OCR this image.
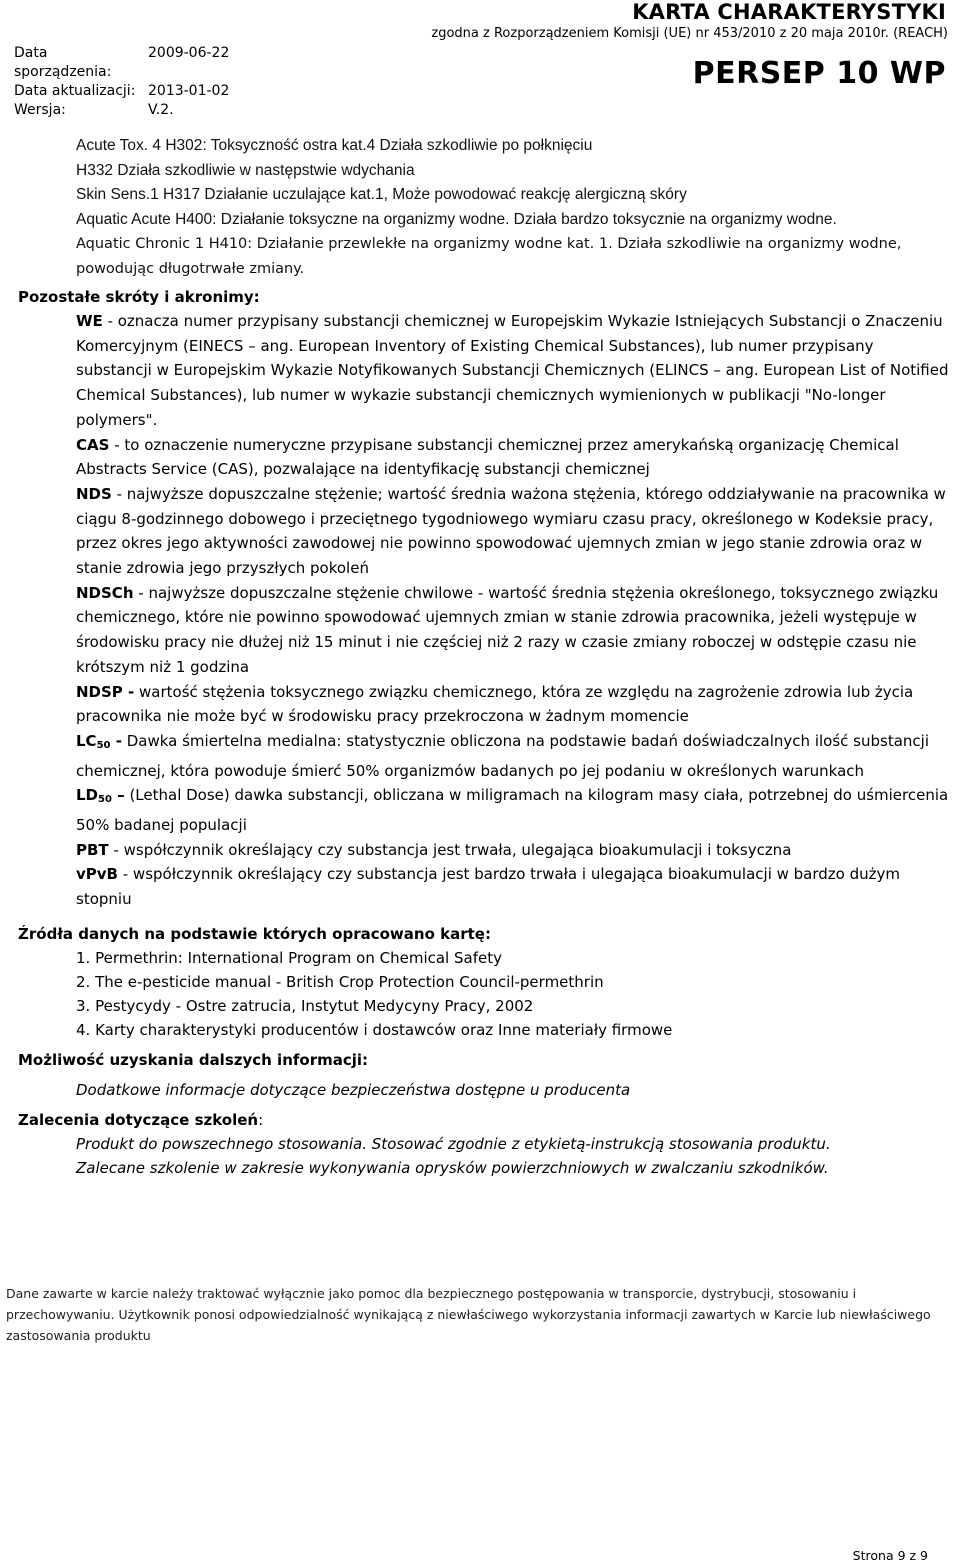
Data sporządzenia:
2009-06-22
Data aktualizacji: 2013-01-02
Wersja:	V.2.
KARTA CHARAKTERYSTYKI
zgodna z Rozporządzeniem Komisji (UE) nr 453/2010 z 20 maja 2010r. (REACH)
PERSEP 10 WP
Acute Tox. 4 H302: Toksyczność ostra kat.4 Działa szkodliwie po połknięciu
H332 Działa szkodliwie w następstwie wdychania
Skin Sens.1 H317 Działanie uczulające kat.1, Może powodować reakcję alergiczną skóry
Aquatic Acute H400: Działanie toksyczne na organizmy wodne. Działa bardzo toksycznie na organizmy wodne.
Aquatic Chronic 1 H410: Działanie przewlekłe na organizmy wodne kat. 1. Działa szkodliwie na organizmy wodne, powodując długotrwałe zmiany.
Pozostałe skróty i akronimy:

WE - oznacza numer przypisany substancji chemicznej w Europejskim Wykazie Istniejących Substancji o Znaczeniu Komercyjnym (EINECS – ang. European Inventory of Existing Chemical Substances), lub numer przypisany substancji w Europejskim Wykazie Notyfikowanych Substancji Chemicznych (ELINCS – ang. European List of Notified Chemical Substances), lub numer w wykazie substancji chemicznych wymienionych w publikacji "No-longer polymers".

CAS - to oznaczenie numeryczne przypisane substancji chemicznej przez amerykańską organizację Chemical Abstracts Service (CAS), pozwalające na identyfikację substancji chemicznej

NDS - najwyższe dopuszczalne stężenie; wartość średnia ważona stężenia, którego oddziaływanie na pracownika w ciągu 8-godzinnego dobowego i przeciętnego tygodniowego wymiaru czasu pracy, określonego w Kodeksie pracy, przez okres jego aktywności zawodowej nie powinno spowodować ujemnych zmian w jego stanie zdrowia oraz w stanie zdrowia jego przyszłych pokoleń

NDSCh - najwyższe dopuszczalne stężenie chwilowe - wartość średnia stężenia określonego, toksycznego związku chemicznego, które nie powinno spowodować ujemnych zmian w stanie zdrowia pracownika, jeżeli występuje w środowisku pracy nie dłużej niż 15 minut i nie częściej niż 2 razy w czasie zmiany roboczej w odstępie czasu nie krótszym niż 1 godzina

NDSP - wartość stężenia toksycznego związku chemicznego, która ze względu na zagrożenie zdrowia lub życia pracownika nie może być w środowisku pracy przekroczona w żadnym momencie

$LC_{50}$ - Dawka śmiertelna medialna: statystycznie obliczona na podstawie badań doświadczalnych ilość substancji chemicznej, która powoduje śmierć 50% organizmów badanych po jej podaniu w określonych warunkach

$LD_{50}$ – (Lethal Dose) dawka substancji, obliczana w miligramach na kilogram masy ciała, potrzebnej do uśmiercenia 50% badanej populacji

PBT - współczynnik określający czy substancja jest trwała, ulegająca bioakumulacji i toksyczna

vPvB - współczynnik określający czy substancja jest bardzo trwała i ulegająca bioakumulacji w bardzo dużym stopniu

Źródła danych na podstawie których opracowano kartę:
1. Permethrin: International Program on Chemical Safety
2. The e-pesticide manual - British Crop Protection Council-permethrin
3. Pestycydy - Ostre zatrucia, Instytut Medycyny Pracy, 2002
4. Karty charakterystyki producentów i dostawców oraz Inne materiały firmowe
Możliwość uzyskania dalszych informacji:
Dodatkowe informacje dotyczące bezpieczeństwa dostępne u producenta
Zalecenia dotyczące szkoleń:
Produkt do powszechnego stosowania. Stosować zgodnie z etykietą-instrukcją stosowania produktu.
Zalecane szkolenie w zakresie wykonywania oprysków powierzchniowych w zwalczaniu szkodników.
Dane zawarte w karcie należy traktować wyłącznie jako pomoc dla bezpiecznego postępowania w transporcie, dystrybucji, stosowaniu i przechowywaniu. Użytkownik ponosi odpowiedzialność wynikającą z niewłaściwego wykorzystania informacji zawartych w Karcie lub niewłaściwego zastosowania produktu
Strona 9 z 9
